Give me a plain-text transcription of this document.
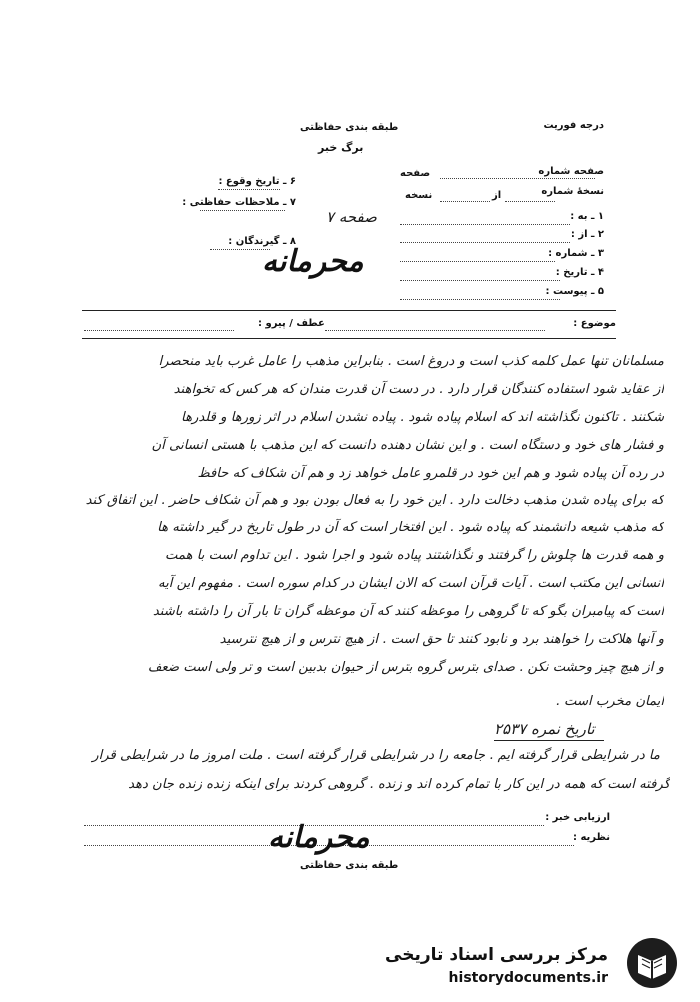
طبقه بندی حفاظتی
برگ خبر
درجه فوریت
صفحه شماره
صفحه
نسخهٔ شماره
از
نسخه
۱ ـ به :
۲ ـ از :
۳ ـ شماره :
۴ ـ تاریخ :
۵ ـ پیوست :
۶ ـ تاریخ وقوع :
۷ ـ ملاحظات حفاظتی :
۸ ـ گیرندگان :
صفحه ۷
محرمانه
موضوع :
عطف / پیرو :
مسلمانان تنها عمل کلمه کذب است و دروغ است . بنابراین مذهب را عامل غرب باید منحصرا
از عقاید شود استفاده کنندگان قرار دارد . در دست آن قدرت مندان که هر کس که تخواهند
شکنند . تاکنون نگذاشته اند که اسلام پیاده شود . پیاده نشدن اسلام در اثر زورها و قلدرها
و فشار های خود و دستگاه است . و این نشان دهنده دانست که این مذهب با هستی انسانی آن
در رده آن پیاده شود و هم این خود در قلمرو عامل خواهد زد و هم آن شکاف که حافظ
که برای پیاده شدن مذهب دخالت دارد . این خود را به فعال بودن بود و هم آن شکاف حاضر . این اتفاق کند
که مذهب شیعه دانشمند که پیاده شود . این افتخار است که آن در طول تاریخ در گیر داشته ها
و همه قدرت ها چلوش را گرفتند و نگذاشتند پیاده شود و اجرا شود . این تداوم است با همت
انسانی این مکتب است . آیات قرآن است که الان ایشان در کدام سوره است . مفهوم این آیه
است که پیامبران بگو که تا گروهی را موعظه کنند که آن موعظه گران تا بار آن را داشته باشند
و آنها هلاکت را خواهند برد و نابود کنند تا حق است . از هیچ نترس و از هیچ نترسید
و از هیچ چیز وحشت نکن . صدای بترس گروه بترس از حیوان بدبین است و تر ولی است ضعف
ایمان مخرب است .
تاریخ نمره ۲۵۳۷
ما در شرایطی قرار گرفته ایم . جامعه را در شرایطی قرار گرفته است . ملت امروز ما در شرایطی قرار
گرفته است که همه در این کار با تمام کرده اند و زنده . گروهی کردند برای اینکه زنده زنده جان دهد
ارزیابی خبر :
نظریه :
محرمانه
طبقه بندی حفاظتی
مرکز بررسی اسناد تاریخی
historydocuments.ir
